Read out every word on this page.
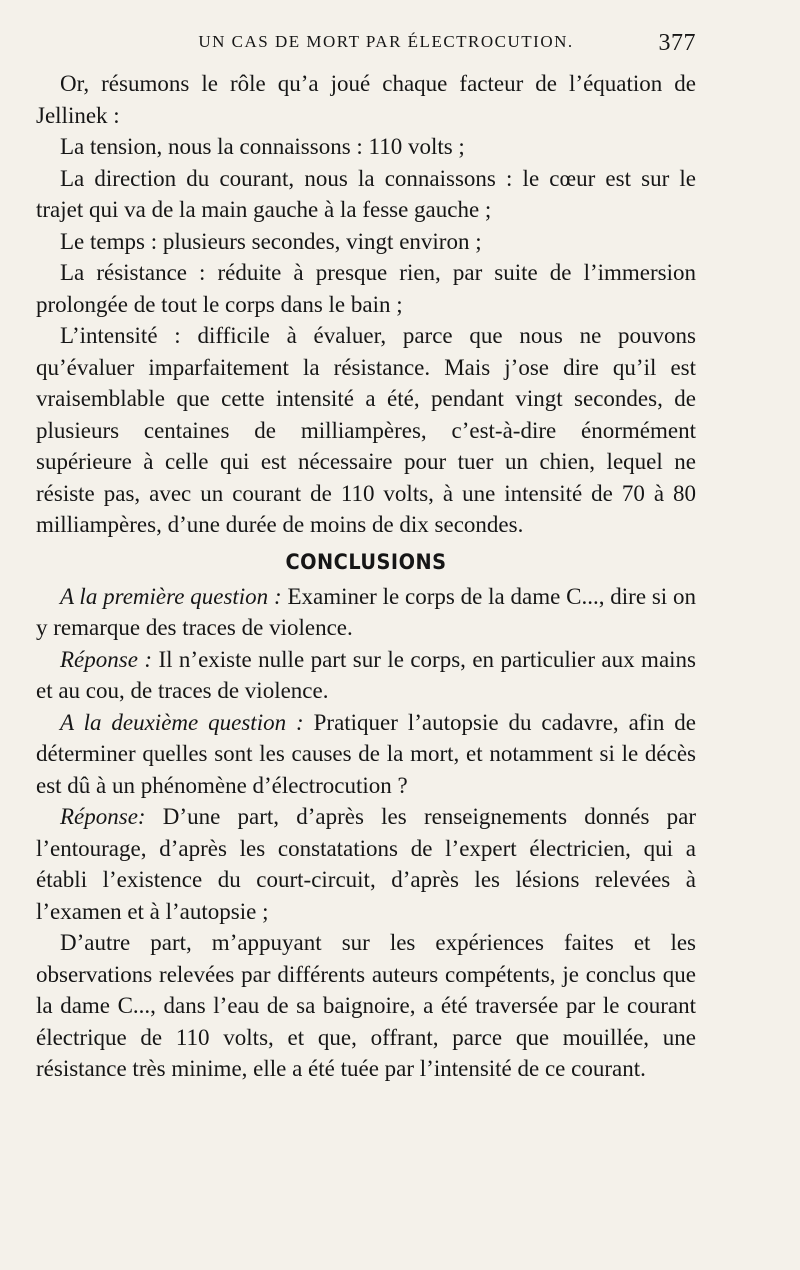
UN CAS DE MORT PAR ÉLECTROCUTION.	377

Or, résumons le rôle qu’a joué chaque facteur de l’équation de Jellinek :

La tension, nous la connaissons : 110 volts ;

La direction du courant, nous la connaissons : le cœur est sur le trajet qui va de la main gauche à la fesse gauche ;

Le temps : plusieurs secondes, vingt environ ;

La résistance : réduite à presque rien, par suite de l’immersion prolongée de tout le corps dans le bain ;

L’intensité : difficile à évaluer, parce que nous ne pouvons qu’évaluer imparfaitement la résistance. Mais j’ose dire qu’il est vraisemblable que cette intensité a été, pendant vingt secondes, de plusieurs centaines de milliampères, c’est-à-dire énormément supérieure à celle qui est nécessaire pour tuer un chien, lequel ne résiste pas, avec un courant de 110 volts, à une intensité de 70 à 80 milliampères, d’une durée de moins de dix secondes.

CONCLUSIONS

A la première question : Examiner le corps de la dame C..., dire si on y remarque des traces de violence.

Réponse : Il n’existe nulle part sur le corps, en particulier aux mains et au cou, de traces de violence.

A la deuxième question : Pratiquer l’autopsie du cadavre, afin de déterminer quelles sont les causes de la mort, et notamment si le décès est dû à un phénomène d’électrocution ?

Réponse: D’une part, d’après les renseignements donnés par l’entourage, d’après les constatations de l’expert électricien, qui a établi l’existence du court-circuit, d’après les lésions relevées à l’examen et à l’autopsie ;

D’autre part, m’appuyant sur les expériences faites et les observations relevées par différents auteurs compétents, je conclus que la dame C..., dans l’eau de sa baignoire, a été traversée par le courant électrique de 110 volts, et que, offrant, parce que mouillée, une résistance très minime, elle a été tuée par l’intensité de ce courant.
